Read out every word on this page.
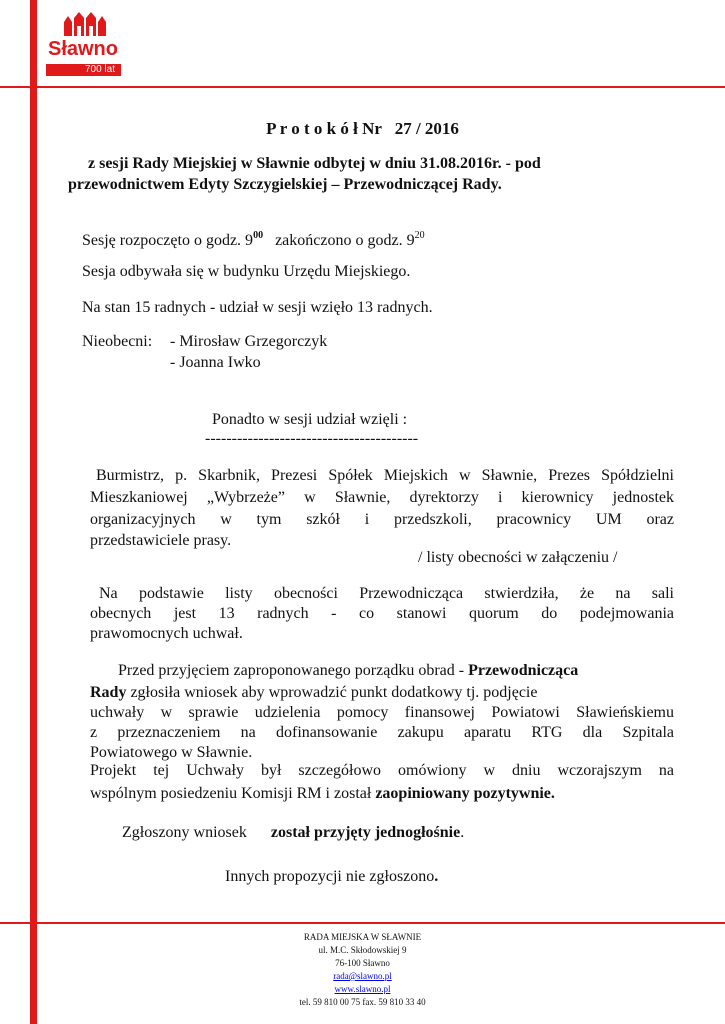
Sławno
700 lat
P r o t o k ó ł Nr 27 / 2016
z sesji Rady Miejskiej w Sławnie odbytej w dniu 31.08.2016r. - pod
przewodnictwem Edyty Szczygielskiej – Przewodniczącej Rady.
Sesję rozpoczęto o godz. $9^{00}$ zakończono o godz. $9^{20}$
Sesja odbywała się w budynku Urzędu Miejskiego.
Na stan 15 radnych - udział w sesji wzięło 13 radnych.
Nieobecni: - Mirosław Grzegorczyk
- Joanna Iwko
Ponadto w sesji udział wzięli :
----------------------------------------
Burmistrz, p. Skarbnik, Prezesi Spółek Miejskich w Sławnie, Prezes Spółdzielni
Mieszkaniowej „Wybrzeże” w Sławnie, dyrektorzy i kierownicy jednostek
organizacyjnych w tym szkół i przedszkoli, pracownicy UM oraz
przedstawiciele prasy.
/ listy obecności w załączeniu /
Na podstawie listy obecności Przewodnicząca stwierdziła, że na sali
obecnych jest 13 radnych - co stanowi quorum do podejmowania
prawomocnych uchwał.
Przed przyjęciem zaproponowanego porządku obrad - Przewodnicząca
Rady zgłosiła wniosek aby wprowadzić punkt dodatkowy tj. podjęcie
uchwały w sprawie udzielenia pomocy finansowej Powiatowi Sławieńskiemu
z przeznaczeniem na dofinansowanie zakupu aparatu RTG dla Szpitala
Powiatowego w Sławnie.
Projekt tej Uchwały był szczegółowo omówiony w dniu wczorajszym na
wspólnym posiedzeniu Komisji RM i został zaopiniowany pozytywnie.
Zgłoszony wniosek został przyjęty jednogłośnie.
Innych propozycji nie zgłoszono.
RADA MIEJSKA W SŁAWNIE
ul. M.C. Skłodowskiej 9
76-100 Sławno
rada@slawno.pl
www.slawno.pl
tel. 59 810 00 75 fax. 59 810 33 40
